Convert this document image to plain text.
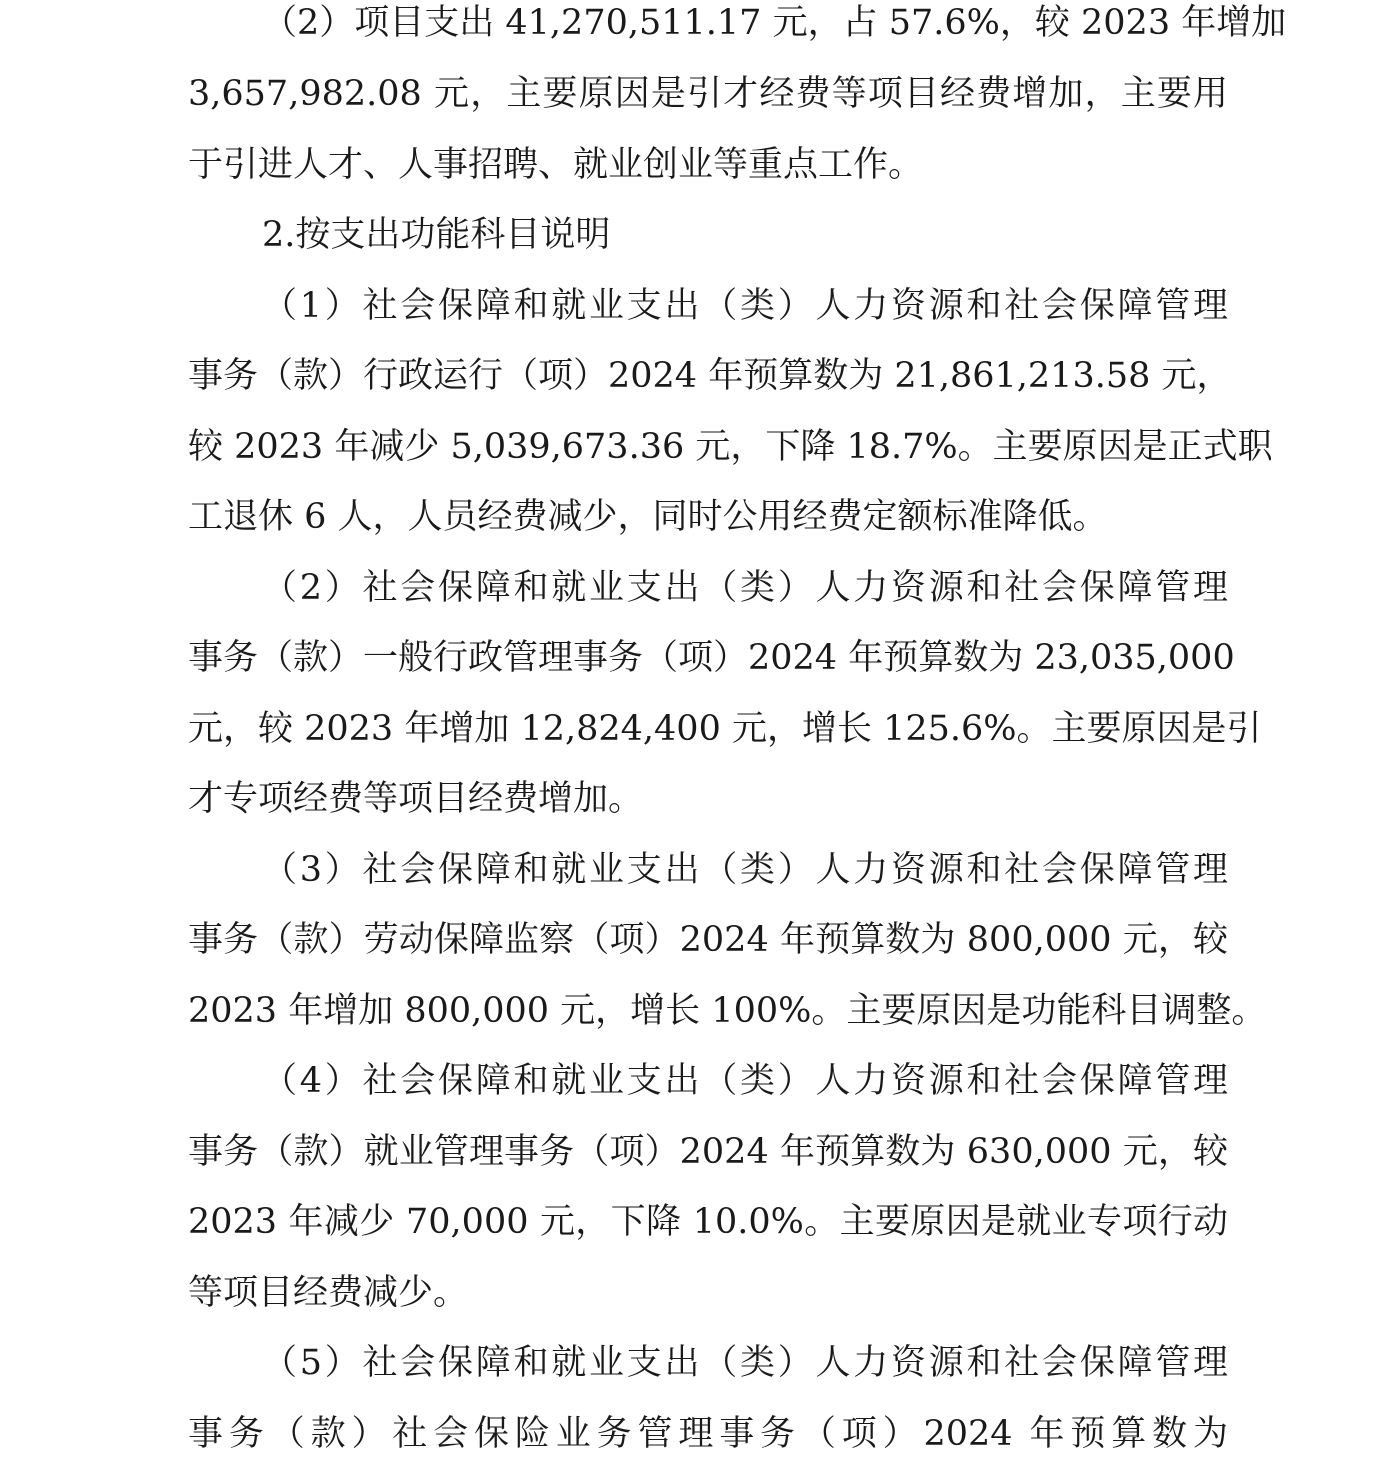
（2）项目支出 41,270,511.17 元，占 57.6%，较 2023 年增加
3,657,982.08 元，主要原因是引才经费等项目经费增加，主要用
于引进人才、人事招聘、就业创业等重点工作。
2.按支出功能科目说明
（1）社会保障和就业支出（类）人力资源和社会保障管理
事务（款）行政运行（项）2024 年预算数为 21,861,213.58 元，
较 2023 年减少 5,039,673.36 元，下降 18.7%。主要原因是正式职
工退休 6 人，人员经费减少，同时公用经费定额标准降低。
（2）社会保障和就业支出（类）人力资源和社会保障管理
事务（款）一般行政管理事务（项）2024 年预算数为 23,035,000
元，较 2023 年增加 12,824,400 元，增长 125.6%。主要原因是引
才专项经费等项目经费增加。
（3）社会保障和就业支出（类）人力资源和社会保障管理
事务（款）劳动保障监察（项）2024 年预算数为 800,000 元，较
2023 年增加 800,000 元，增长 100%。主要原因是功能科目调整。
（4）社会保障和就业支出（类）人力资源和社会保障管理
事务（款）就业管理事务（项）2024 年预算数为 630,000 元，较
2023 年减少 70,000 元，下降 10.0%。主要原因是就业专项行动
等项目经费减少。
（5）社会保障和就业支出（类）人力资源和社会保障管理
事务（款）社会保险业务管理事务（项）2024 年预算数为
